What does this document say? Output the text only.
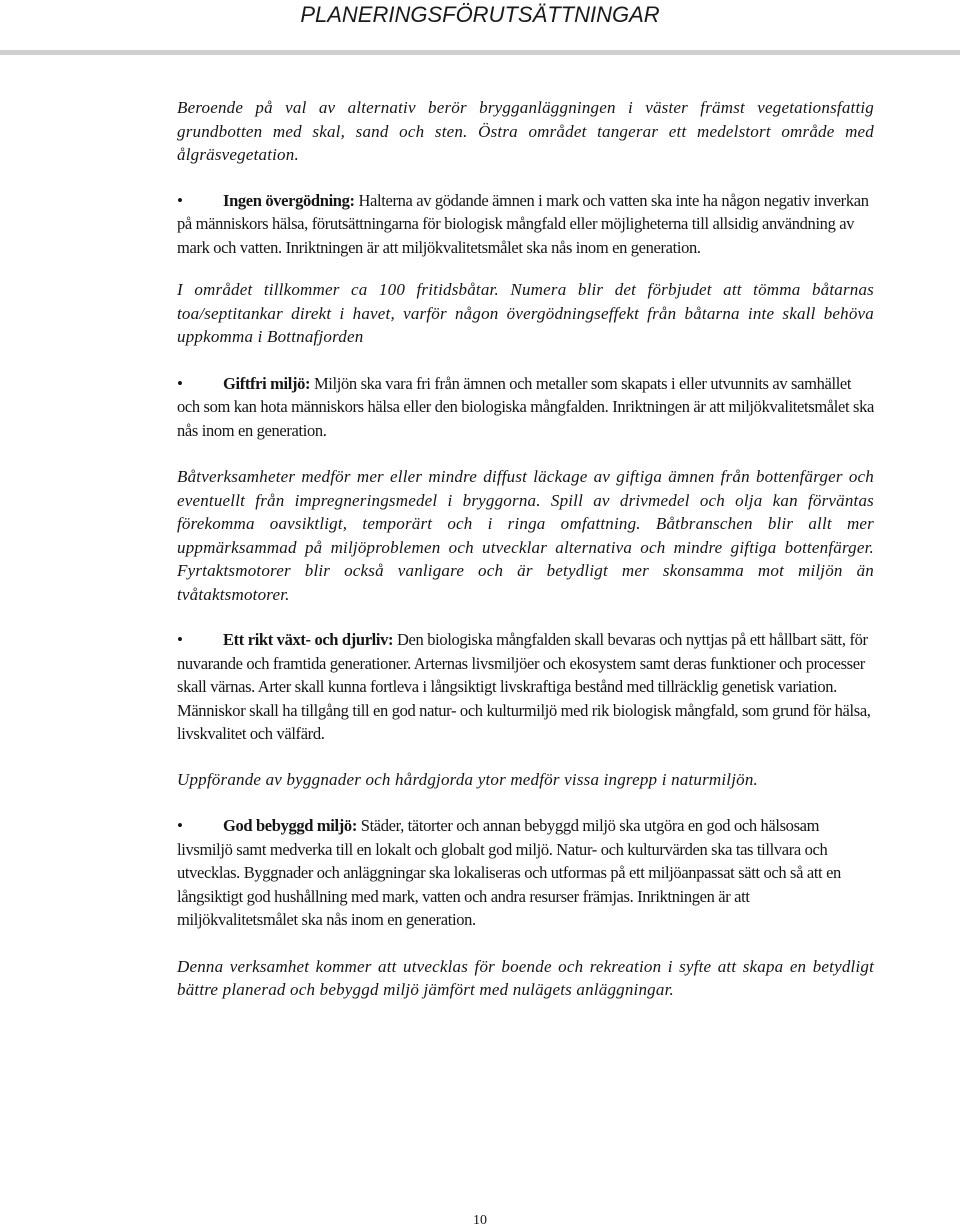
PLANERINGSFÖRUTSÄTTNINGAR

Beroende på val av alternativ berör brygganläggningen i väster främst vegetationsfattig grundbotten med skal, sand och sten. Östra området tangerar ett medelstort område med ålgräsvegetation.

•	Ingen övergödning: Halterna av gödande ämnen i mark och vatten ska inte ha någon negativ inverkan på människors hälsa, förutsättningarna för biologisk mångfald eller möjligheterna till allsidig användning av mark och vatten. Inriktningen är att miljökvalitetsmålet ska nås inom en generation.

I området tillkommer ca 100 fritidsbåtar. Numera blir det förbjudet att tömma båtarnas toa/septitankar direkt i havet, varför någon övergödningseffekt från båtarna inte skall behöva uppkomma i Bottnafjorden

•	Giftfri miljö: Miljön ska vara fri från ämnen och metaller som skapats i eller utvunnits av samhället och som kan hota människors hälsa eller den biologiska mångfalden. Inriktningen är att miljökvalitetsmålet ska nås inom en generation.

Båtverksamheter medför mer eller mindre diffust läckage av giftiga ämnen från bottenfärger och eventuellt från impregneringsmedel i bryggorna. Spill av drivmedel och olja kan förväntas förekomma oavsiktligt, temporärt och i ringa omfattning. Båtbranschen blir allt mer uppmärksammad på miljöproblemen och utvecklar alternativa och mindre giftiga bottenfärger. Fyrtaktsmotorer blir också vanligare och är betydligt mer skonsamma mot miljön än tvåtaktsmotorer.

•	Ett rikt växt- och djurliv: Den biologiska mångfalden skall bevaras och nyttjas på ett hållbart sätt, för nuvarande och framtida generationer. Arternas livsmiljöer och ekosystem samt deras funktioner och processer skall värnas. Arter skall kunna fortleva i långsiktigt livskraftiga bestånd med tillräcklig genetisk variation. Människor skall ha tillgång till en god natur- och kulturmiljö med rik biologisk mångfald, som grund för hälsa, livskvalitet och välfärd.

Uppförande av byggnader och hårdgjorda ytor medför vissa ingrepp i naturmiljön.

•	God bebyggd miljö: Städer, tätorter och annan bebyggd miljö ska utgöra en god och hälsosam livsmiljö samt medverka till en lokalt och globalt god miljö. Natur- och kulturvärden ska tas tillvara och utvecklas. Byggnader och anläggningar ska lokaliseras och utformas på ett miljöanpassat sätt och så att en långsiktigt god hushållning med mark, vatten och andra resurser främjas. Inriktningen är att miljökvalitetsmålet ska nås inom en generation.

Denna verksamhet kommer att utvecklas för boende och rekreation i syfte att skapa en betydligt bättre planerad och bebyggd miljö jämfört med nulägets anläggningar.

10
